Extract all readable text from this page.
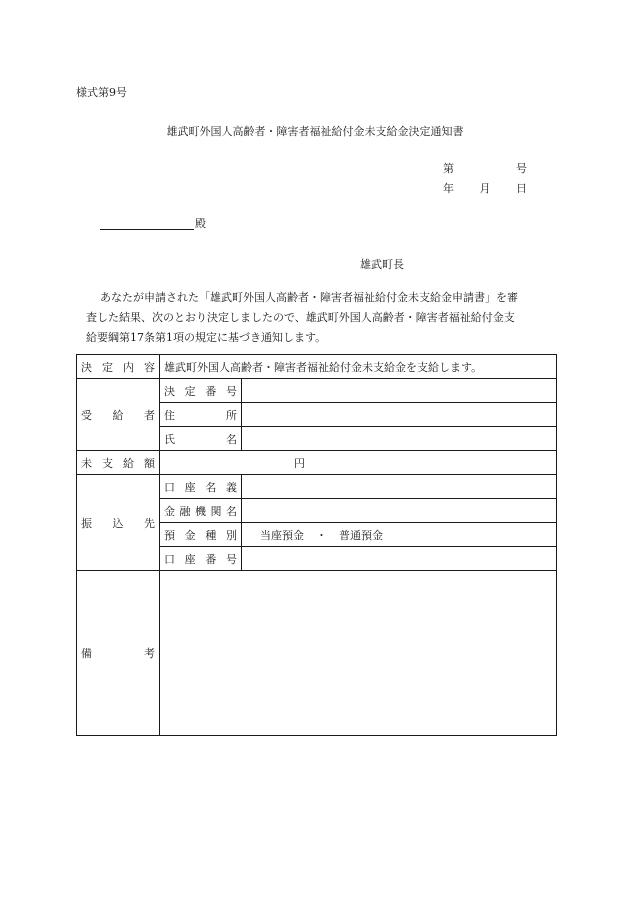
様式第9号
雄武町外国人高齢者・障害者福祉給付金未支給金決定通知書
第	号
年 月 日
殿
雄武町長

あなたが申請された「雄武町外国人高齢者・障害者福祉給付金未支給金申請書」を審

査した結果、次のとおり決定しましたので、雄武町外国人高齢者・障害者福祉給付金支

給要綱第17条第1項の規定に基づき通知します。

決定内容	雄武町外国人高齢者・障害者福祉給付金未支給金を支給します。	
受給者	決定番号	
	住所	
	氏名	
未支給額	円	
振込先	口座名義	
	金融機関名	
	預金種別	当座預金 ・ 普通預金
	口座番号	
備考		
